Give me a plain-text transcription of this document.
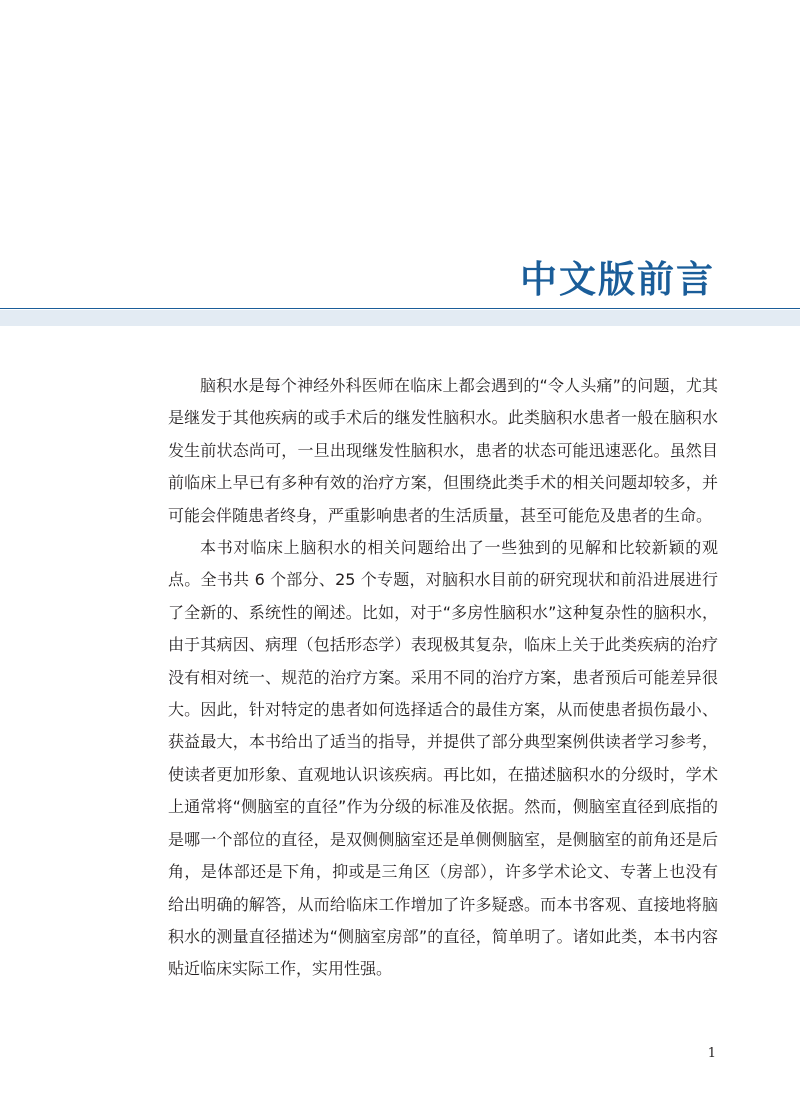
中文版前言

脑积水是每个神经外科医师在临床上都会遇到的“令人头痛”的问题，尤其是继发于其他疾病的或手术后的继发性脑积水。此类脑积水患者一般在脑积水发生前状态尚可，一旦出现继发性脑积水，患者的状态可能迅速恶化。虽然目前临床上早已有多种有效的治疗方案，但围绕此类手术的相关问题却较多，并可能会伴随患者终身，严重影响患者的生活质量，甚至可能危及患者的生命。

本书对临床上脑积水的相关问题给出了一些独到的见解和比较新颖的观点。全书共 6 个部分、25 个专题，对脑积水目前的研究现状和前沿进展进行了全新的、系统性的阐述。比如，对于“多房性脑积水”这种复杂性的脑积水，由于其病因、病理（包括形态学）表现极其复杂，临床上关于此类疾病的治疗没有相对统一、规范的治疗方案。采用不同的治疗方案，患者预后可能差异很大。因此，针对特定的患者如何选择适合的最佳方案，从而使患者损伤最小、获益最大，本书给出了适当的指导，并提供了部分典型案例供读者学习参考，使读者更加形象、直观地认识该疾病。再比如，在描述脑积水的分级时，学术上通常将“侧脑室的直径”作为分级的标准及依据。然而，侧脑室直径到底指的是哪一个部位的直径，是双侧侧脑室还是单侧侧脑室，是侧脑室的前角还是后角，是体部还是下角，抑或是三角区（房部），许多学术论文、专著上也没有给出明确的解答，从而给临床工作增加了许多疑惑。而本书客观、直接地将脑积水的测量直径描述为“侧脑室房部”的直径，简单明了。诸如此类，本书内容贴近临床实际工作，实用性强。

1
